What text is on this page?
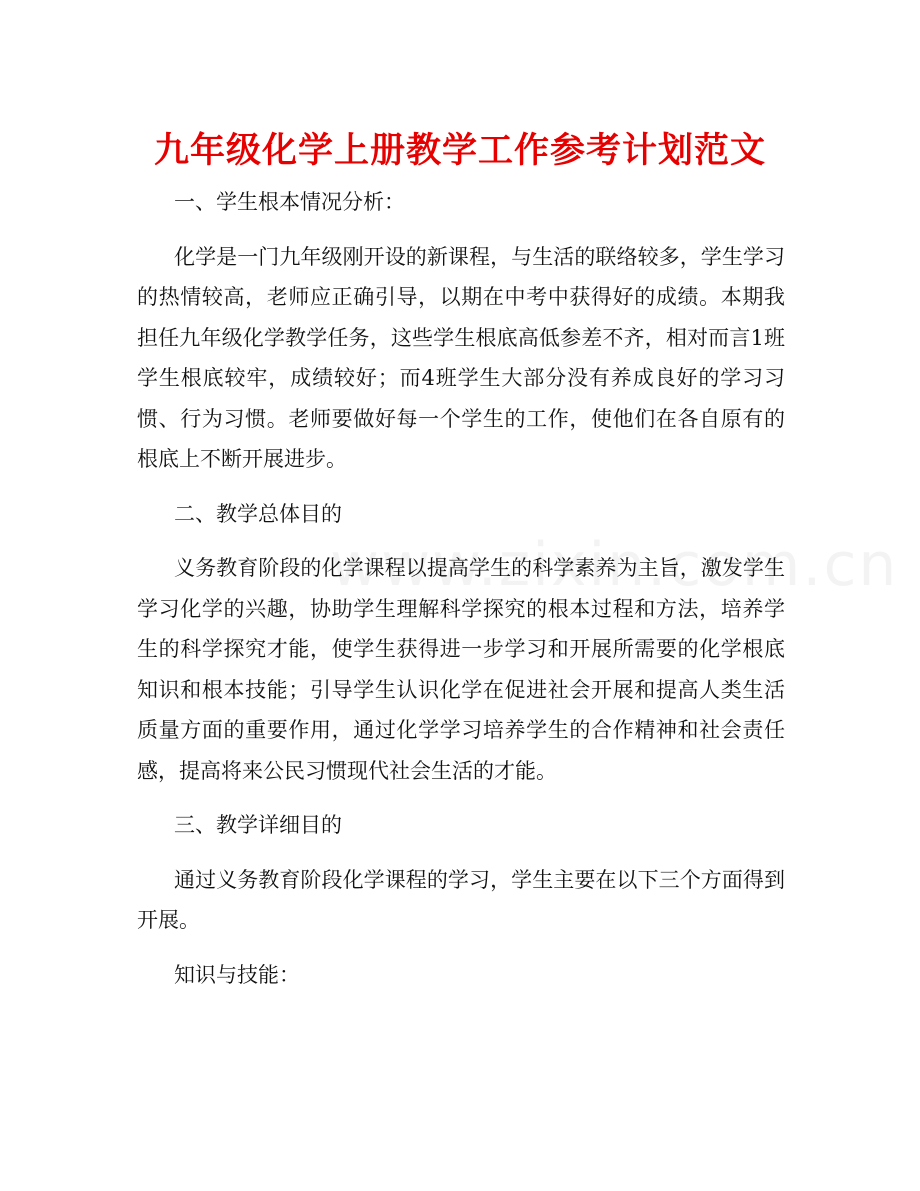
九年级化学上册教学工作参考计划范文

一、学生根本情况分析：

化学是一门九年级刚开设的新课程，与生活的联络较多，学生学习的热情较高，老师应正确引导，以期在中考中获得好的成绩。本期我担任九年级化学教学任务，这些学生根底高低参差不齐，相对而言1班学生根底较牢，成绩较好；而4班学生大部分没有养成良好的学习习惯、行为习惯。老师要做好每一个学生的工作，使他们在各自原有的根底上不断开展进步。

二、教学总体目的

义务教育阶段的化学课程以提高学生的科学素养为主旨，激发学生学习化学的兴趣，协助学生理解科学探究的根本过程和方法，培养学生的科学探究才能，使学生获得进一步学习和开展所需要的化学根底知识和根本技能；引导学生认识化学在促进社会开展和提高人类生活质量方面的重要作用，通过化学学习培养学生的合作精神和社会责任感，提高将来公民习惯现代社会生活的才能。

三、教学详细目的

通过义务教育阶段化学课程的学习，学生主要在以下三个方面得到开展。

知识与技能：
